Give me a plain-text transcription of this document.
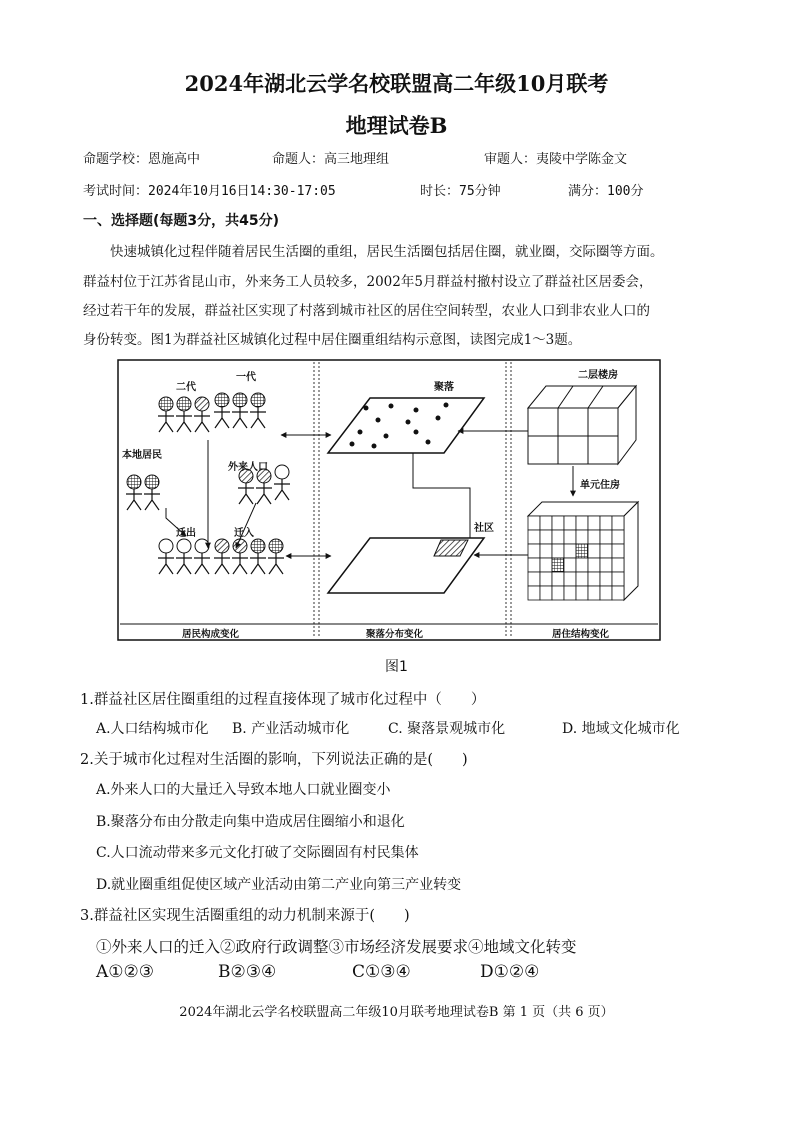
2024年湖北云学名校联盟高二年级10月联考
地理试卷B
命题学校：恩施高中	命题人：高三地理组	审题人：夷陵中学陈金文
考试时间：2024年10月16日14:30-17:05	时长：75分钟	满分：100分
一、选择题(每题3分，共45分)
快速城镇化过程伴随着居民生活圈的重组，居民生活圈包括居住圈，就业圈，交际圈等方面。
群益村位于江苏省昆山市，外来务工人员较多，2002年5月群益村撤村设立了群益社区居委会，
经过若干年的发展，群益社区实现了村落到城市社区的居住空间转型，农业人口到非农业人口的
身份转变。图1为群益社区城镇化过程中居住圈重组结构示意图，读图完成1～3题。
二代
一代
本地居民
外来人口
迁出	迁入
聚落
社区
二层楼房
单元住房
居民构成变化	聚落分布变化	居住结构变化
图1
1.群益社区居住圈重组的过程直接体现了城市化过程中（　　）
A.人口结构城市化 B. 产业活动城市化	C. 聚落景观城市化	D. 地域文化城市化
2.关于城市化过程对生活圈的影响，下列说法正确的是(　　)
A.外来人口的大量迁入导致本地人口就业圈变小
B.聚落分布由分散走向集中造成居住圈缩小和退化
C.人口流动带来多元文化打破了交际圈固有村民集体
D.就业圈重组促使区域产业活动由第二产业向第三产业转变
3.群益社区实现生活圈重组的动力机制来源于(　　)
①外来人口的迁入②政府行政调整③市场经济发展要求④地域文化转变
A①②③	B②③④	C①③④	D①②④
2024年湖北云学名校联盟高二年级10月联考地理试卷B 第 1 页（共 6 页）
